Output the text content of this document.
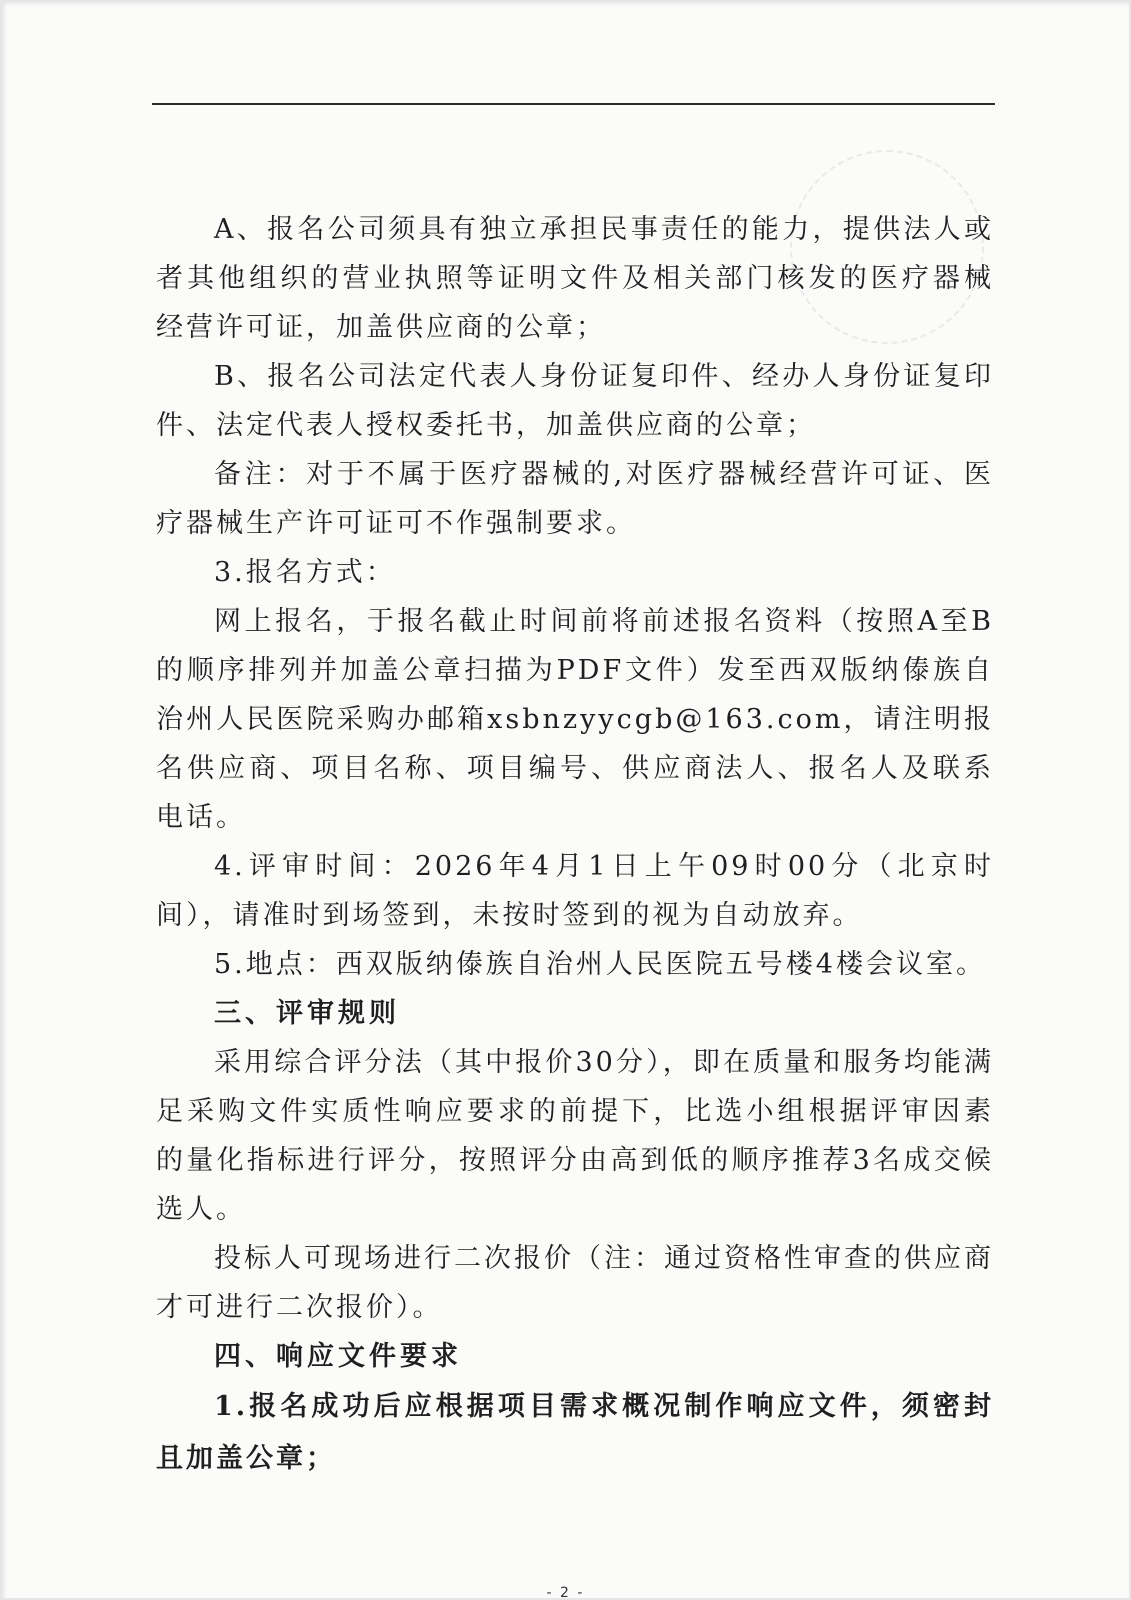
A、报名公司须具有独立承担民事责任的能力，提供法人或者其他组织的营业执照等证明文件及相关部门核发的医疗器械经营许可证，加盖供应商的公章；

B、报名公司法定代表人身份证复印件、经办人身份证复印件、法定代表人授权委托书，加盖供应商的公章；

备注：对于不属于医疗器械的,对医疗器械经营许可证、医疗器械生产许可证可不作强制要求。

3.报名方式：

网上报名，于报名截止时间前将前述报名资料（按照A至B的顺序排列并加盖公章扫描为PDF文件）发至西双版纳傣族自治州人民医院采购办邮箱xsbnzyycgb@163.com，请注明报名供应商、项目名称、项目编号、供应商法人、报名人及联系电话。

4.评审时间：2026年4月1日上午09时00分（北京时间），请准时到场签到，未按时签到的视为自动放弃。

5.地点：西双版纳傣族自治州人民医院五号楼4楼会议室。

三、评审规则

采用综合评分法（其中报价30分），即在质量和服务均能满足采购文件实质性响应要求的前提下，比选小组根据评审因素的量化指标进行评分，按照评分由高到低的顺序推荐3名成交候选人。

投标人可现场进行二次报价（注：通过资格性审查的供应商才可进行二次报价）。

四、响应文件要求

1.报名成功后应根据项目需求概况制作响应文件，须密封且加盖公章；

- 2 -
